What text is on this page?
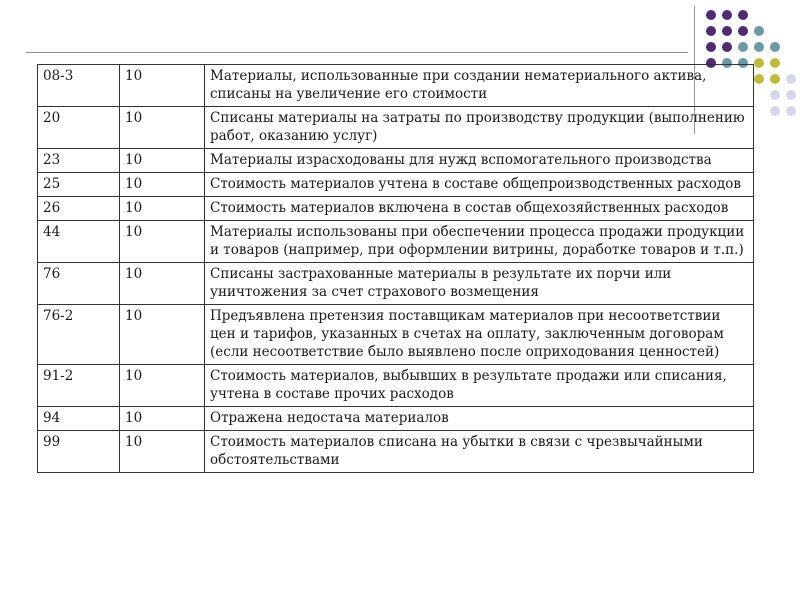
08-3	10	Материалы, использованные при создании нематериального актива, списаны на увеличение его стоимости
20	10	Списаны материалы на затраты по производству продукции (выполнению работ, оказанию услуг)
23	10	Материалы израсходованы для нужд вспомогательного производства
25	10	Стоимость материалов учтена в составе общепроизводственных расходов
26	10	Стоимость материалов включена в состав общехозяйственных расходов
44	10	Материалы использованы при обеспечении процесса продажи продукции и товаров (например, при оформлении витрины, доработке товаров и т.п.)
76	10	Списаны застрахованные материалы в результате их порчи или уничтожения за счет страхового возмещения
76-2	10	Предъявлена претензия поставщикам материалов при несоответствии цен и тарифов, указанных в счетах на оплату, заключенным договорам (если несоответствие было выявлено после оприходования ценностей)
91-2	10	Стоимость материалов, выбывших в результате продажи или списания, учтена в составе прочих расходов
94	10	Отражена недостача материалов
99	10	Стоимость материалов списана на убытки в связи с чрезвычайными обстоятельствами
